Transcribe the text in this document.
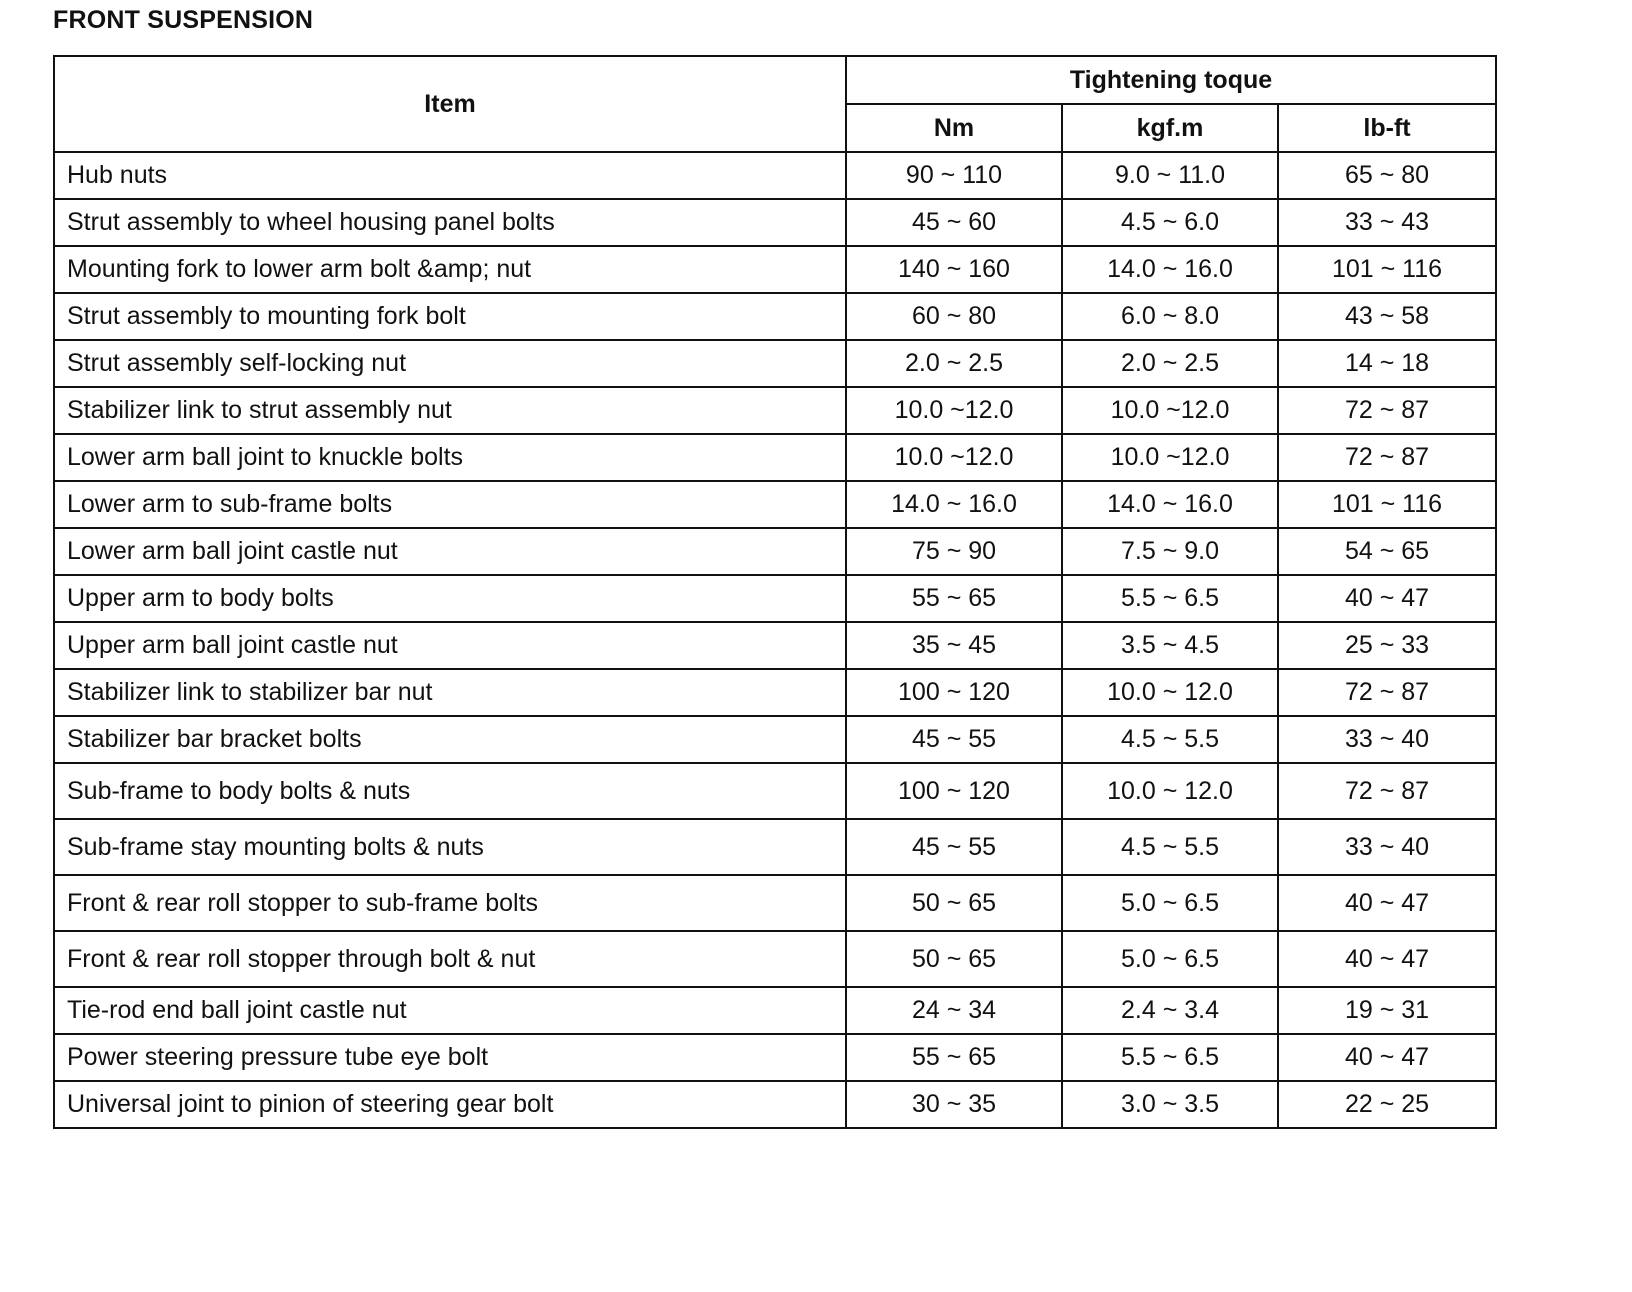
FRONT SUSPENSION
Item	Tightening toque		
	Nm	kgf.m	lb-ft
Hub nuts	90 ~ 110	9.0 ~ 11.0	65 ~ 80
Strut assembly to wheel housing panel bolts	45 ~ 60	4.5 ~ 6.0	33 ~ 43
Mounting fork to lower arm bolt &amp; nut	140 ~ 160	14.0 ~ 16.0	101 ~ 116
Strut assembly to mounting fork bolt	60 ~ 80	6.0 ~ 8.0	43 ~ 58
Strut assembly self-locking nut	2.0 ~ 2.5	2.0 ~ 2.5	14 ~ 18
Stabilizer link to strut assembly nut	10.0 ~12.0	10.0 ~12.0	72 ~ 87
Lower arm ball joint to knuckle bolts	10.0 ~12.0	10.0 ~12.0	72 ~ 87
Lower arm to sub-frame bolts	14.0 ~ 16.0	14.0 ~ 16.0	101 ~ 116
Lower arm ball joint castle nut	75 ~ 90	7.5 ~ 9.0	54 ~ 65
Upper arm to body bolts	55 ~ 65	5.5 ~ 6.5	40 ~ 47
Upper arm ball joint castle nut	35 ~ 45	3.5 ~ 4.5	25 ~ 33
Stabilizer link to stabilizer bar nut	100 ~ 120	10.0 ~ 12.0	72 ~ 87
Stabilizer bar bracket bolts	45 ~ 55	4.5 ~ 5.5	33 ~ 40
Sub-frame to body bolts & nuts	100 ~ 120	10.0 ~ 12.0	72 ~ 87
Sub-frame stay mounting bolts & nuts	45 ~ 55	4.5 ~ 5.5	33 ~ 40
Front & rear roll stopper to sub-frame bolts	50 ~ 65	5.0 ~ 6.5	40 ~ 47
Front & rear roll stopper through bolt & nut	50 ~ 65	5.0 ~ 6.5	40 ~ 47
Tie-rod end ball joint castle nut	24 ~ 34	2.4 ~ 3.4	19 ~ 31
Power steering pressure tube eye bolt	55 ~ 65	5.5 ~ 6.5	40 ~ 47
Universal joint to pinion of steering gear bolt	30 ~ 35	3.0 ~ 3.5	22 ~ 25
